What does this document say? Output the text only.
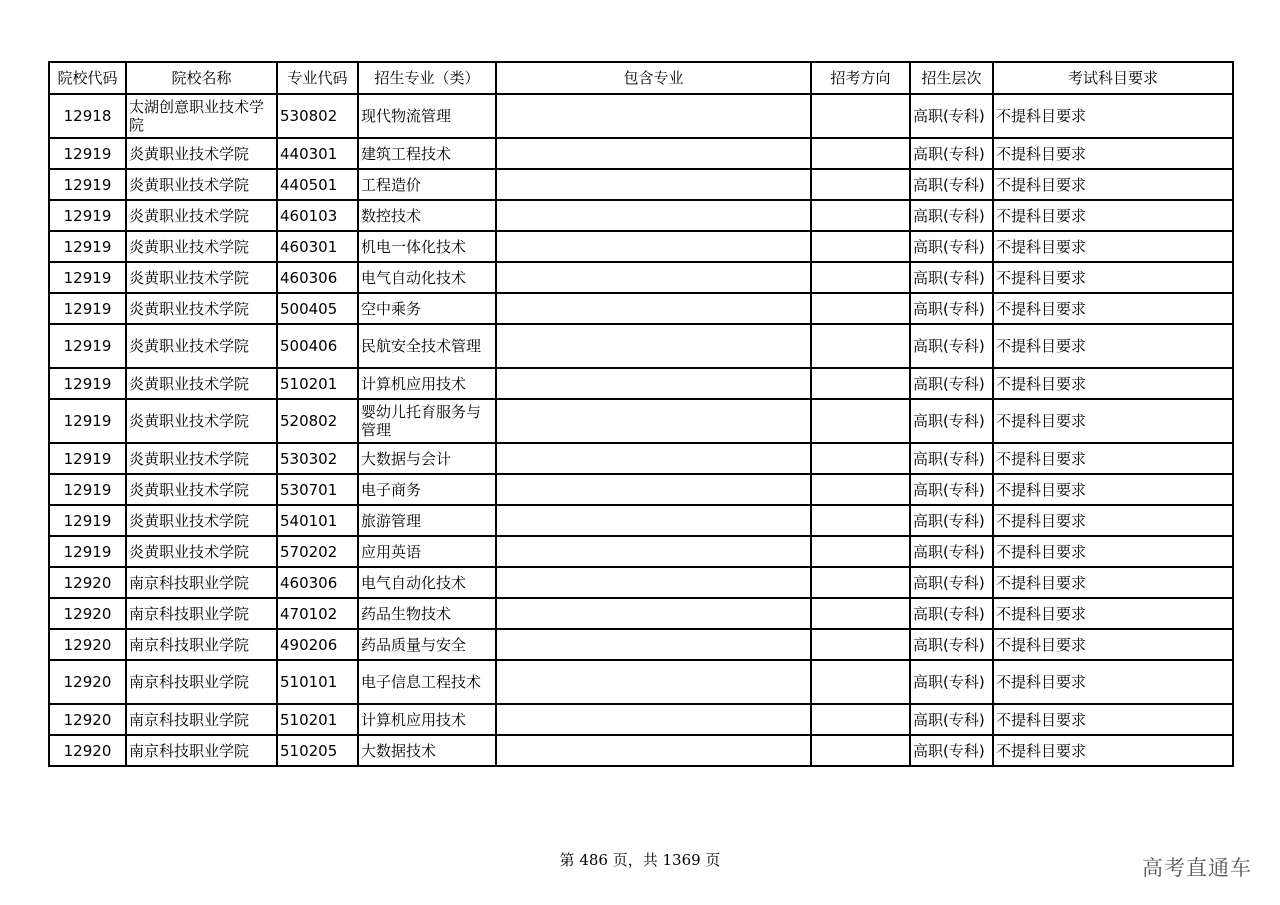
院校代码	院校名称	专业代码	招生专业（类）	包含专业	招考方向	招生层次	考试科目要求
12918	太湖创意职业技术学院	530802	现代物流管理			高职(专科)	不提科目要求
12919	炎黄职业技术学院	440301	建筑工程技术			高职(专科)	不提科目要求
12919	炎黄职业技术学院	440501	工程造价			高职(专科)	不提科目要求
12919	炎黄职业技术学院	460103	数控技术			高职(专科)	不提科目要求
12919	炎黄职业技术学院	460301	机电一体化技术			高职(专科)	不提科目要求
12919	炎黄职业技术学院	460306	电气自动化技术			高职(专科)	不提科目要求
12919	炎黄职业技术学院	500405	空中乘务			高职(专科)	不提科目要求
12919	炎黄职业技术学院	500406	民航安全技术管理			高职(专科)	不提科目要求
12919	炎黄职业技术学院	510201	计算机应用技术			高职(专科)	不提科目要求
12919	炎黄职业技术学院	520802	婴幼儿托育服务与管理			高职(专科)	不提科目要求
12919	炎黄职业技术学院	530302	大数据与会计			高职(专科)	不提科目要求
12919	炎黄职业技术学院	530701	电子商务			高职(专科)	不提科目要求
12919	炎黄职业技术学院	540101	旅游管理			高职(专科)	不提科目要求
12919	炎黄职业技术学院	570202	应用英语			高职(专科)	不提科目要求
12920	南京科技职业学院	460306	电气自动化技术			高职(专科)	不提科目要求
12920	南京科技职业学院	470102	药品生物技术			高职(专科)	不提科目要求
12920	南京科技职业学院	490206	药品质量与安全			高职(专科)	不提科目要求
12920	南京科技职业学院	510101	电子信息工程技术			高职(专科)	不提科目要求
12920	南京科技职业学院	510201	计算机应用技术			高职(专科)	不提科目要求
12920	南京科技职业学院	510205	大数据技术			高职(专科)	不提科目要求
第 486 页，共 1369 页	高考直通车
